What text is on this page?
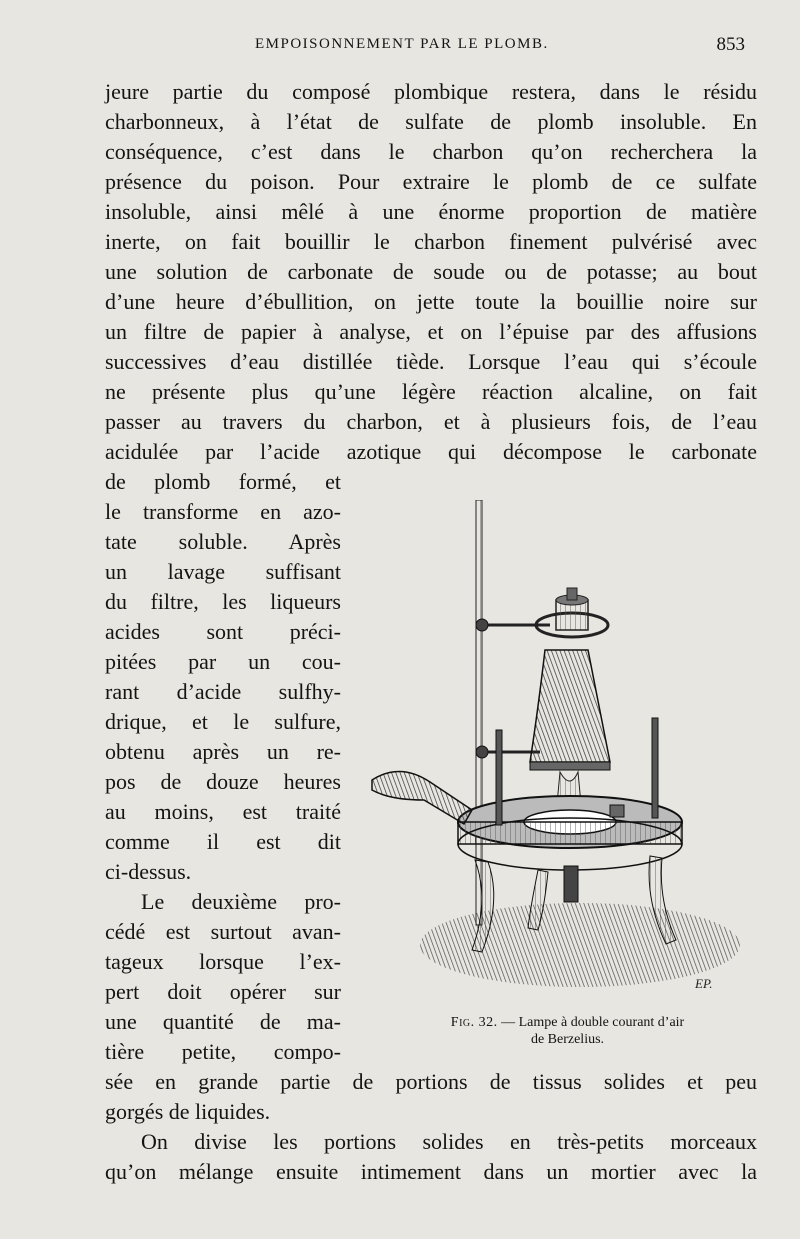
EMPOISONNEMENT PAR LE PLOMB.	853
jeure partie du composé plombique restera, dans le résidu
charbonneux, à l’état de sulfate de plomb insoluble. En
conséquence, c’est dans le charbon qu’on recherchera la
présence du poison. Pour extraire le plomb de ce sulfate
insoluble, ainsi mêlé à une énorme proportion de matière
inerte, on fait bouillir le charbon finement pulvérisé avec
une solution de carbonate de soude ou de potasse; au bout
d’une heure d’ébullition, on jette toute la bouillie noire sur
un filtre de papier à analyse, et on l’épuise par des affusions
successives d’eau distillée tiède. Lorsque l’eau qui s’écoule
ne présente plus qu’une légère réaction alcaline, on fait
passer au travers du charbon, et à plusieurs fois, de l’eau
acidulée par l’acide azotique qui décompose le carbonate
de plomb formé, et
le transforme en azo-
tate soluble. Après
un lavage suffisant
du filtre, les liqueurs
acides sont préci-
pitées par un cou-
rant d’acide sulfhy-
drique, et le sulfure,
obtenu après un re-
pos de douze heures
au moins, est traité
comme il est dit
ci-dessus.
Le deuxième pro-
cédé est surtout avan-
tageux lorsque l’ex-
pert doit opérer sur
une quantité de ma-
tière petite, compo-
sée en grande partie de portions de tissus solides et peu
gorgés de liquides.
On divise les portions solides en très-petits morceaux
qu’on mélange ensuite intimement dans un mortier avec la
EP.
Fig. 32. — Lampe à double courant d’air
de Berzelius.
